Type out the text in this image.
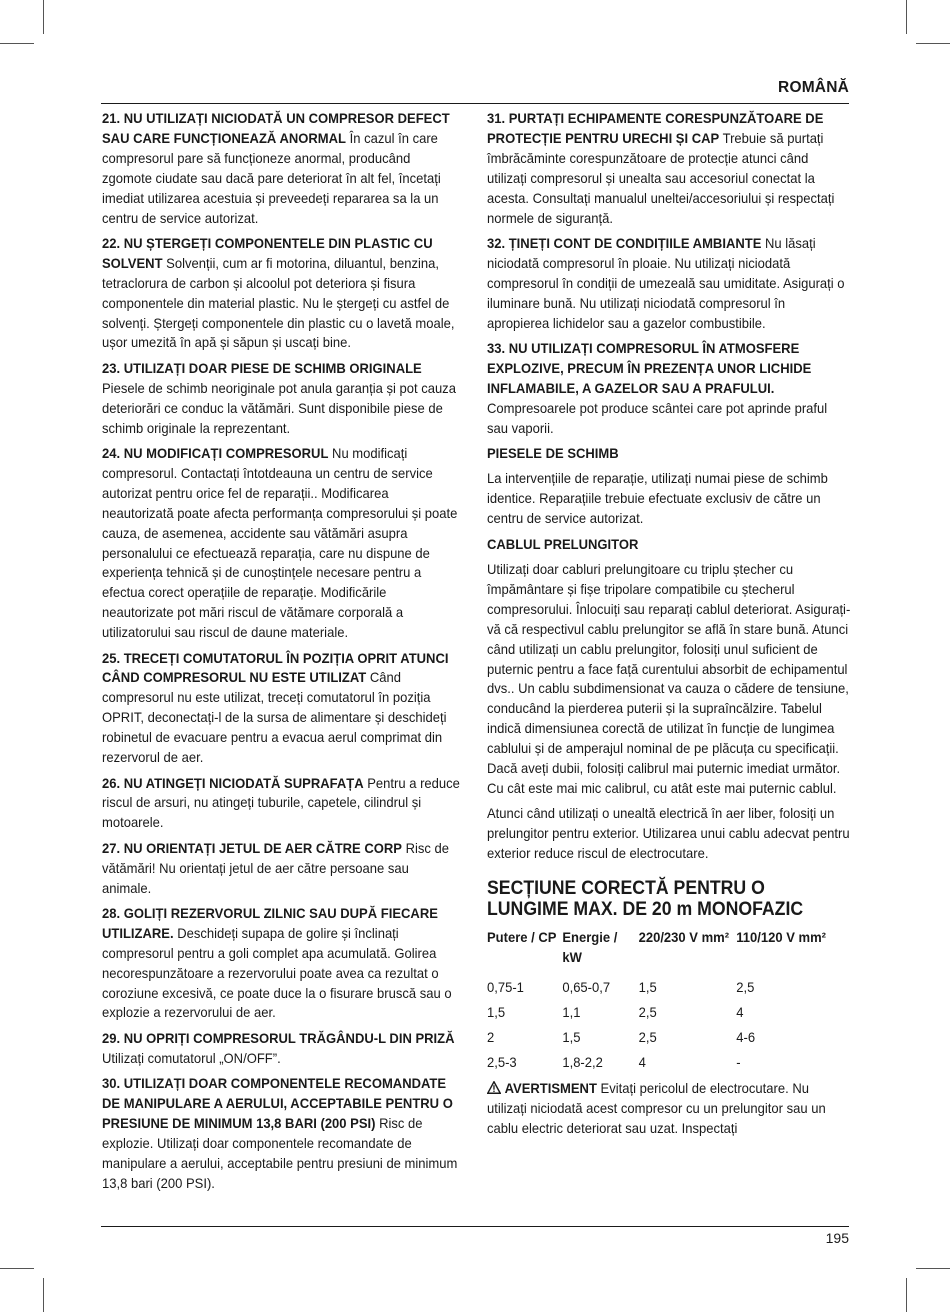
ROMÂNĂ

21. NU UTILIZAȚI NICIODATĂ UN COMPRESOR DEFECT SAU CARE FUNCȚIONEAZĂ ANORMAL În cazul în care compresorul pare să funcționeze anormal, producând zgomote ciudate sau dacă pare deteriorat în alt fel, încetați imediat utilizarea acestuia și preveedeți repararea sa la un centru de service autorizat.

22. NU ȘTERGEȚI COMPONENTELE DIN PLASTIC CU SOLVENT Solvenții, cum ar fi motorina, diluantul, benzina, tetraclorura de carbon și alcoolul pot deteriora și fisura componentele din material plastic. Nu le ștergeți cu astfel de solvenți. Ștergeți componentele din plastic cu o lavetă moale, ușor umezită în apă și săpun și uscați bine.

23. UTILIZAȚI DOAR PIESE DE SCHIMB ORIGINALE Piesele de schimb neoriginale pot anula garanția și pot cauza deteriorări ce conduc la vătămări. Sunt disponibile piese de schimb originale la reprezentant.

24. NU MODIFICAȚI COMPRESORUL Nu modificați compresorul. Contactați întotdeauna un centru de service autorizat pentru orice fel de reparații.. Modificarea neautorizată poate afecta performanța compresorului și poate cauza, de asemenea, accidente sau vătămări asupra personalului ce efectuează reparația, care nu dispune de experiența tehnică și de cunoștințele necesare pentru a efectua corect operațiile de reparație. Modificările neautorizate pot mări riscul de vătămare corporală a utilizatorului sau riscul de daune materiale.

25. TRECEȚI COMUTATORUL ÎN POZIȚIA OPRIT ATUNCI CÂND COMPRESORUL NU ESTE UTILIZAT Când compresorul nu este utilizat, treceți comutatorul în poziția OPRIT, deconectați-l de la sursa de alimentare și deschideți robinetul de evacuare pentru a evacua aerul comprimat din rezervorul de aer.

26. NU ATINGEȚI NICIODATĂ SUPRAFAȚA Pentru a reduce riscul de arsuri, nu atingeți tuburile, capetele, cilindrul și motoarele.

27. NU ORIENTAȚI JETUL DE AER CĂTRE CORP Risc de vătămări! Nu orientați jetul de aer către persoane sau animale.

28. GOLIȚI REZERVORUL ZILNIC SAU DUPĂ FIECARE UTILIZARE. Deschideți supapa de golire și înclinați compresorul pentru a goli complet apa acumulată. Golirea necorespunzătoare a rezervorului poate avea ca rezultat o coroziune excesivă, ce poate duce la o fisurare bruscă sau o explozie a rezervorului de aer.

29. NU OPRIȚI COMPRESORUL TRĂGÂNDU-L DIN PRIZĂ Utilizați comutatorul „ON/OFF”.

30. UTILIZAȚI DOAR COMPONENTELE RECOMANDATE DE MANIPULARE A AERULUI, ACCEPTABILE PENTRU O PRESIUNE DE MINIMUM 13,8 BARI (200 PSI) Risc de explozie. Utilizați doar componentele recomandate de manipulare a aerului, acceptabile pentru presiuni de minimum 13,8 bari (200 PSI).

31. PURTAȚI ECHIPAMENTE CORESPUNZĂTOARE DE PROTECȚIE PENTRU URECHI ȘI CAP Trebuie să purtați îmbrăcăminte corespunzătoare de protecție atunci când utilizați compresorul și unealta sau accesoriul conectat la acesta. Consultați manualul uneltei/accesoriului și respectați normele de siguranță.

32. ȚINEȚI CONT DE CONDIȚIILE AMBIANTE Nu lăsați niciodată compresorul în ploaie. Nu utilizați niciodată compresorul în condiții de umezeală sau umiditate. Asigurați o iluminare bună. Nu utilizați niciodată compresorul în apropierea lichidelor sau a gazelor combustibile.

33. NU UTILIZAȚI COMPRESORUL ÎN ATMOSFERE EXPLOZIVE, PRECUM ÎN PREZENȚA UNOR LICHIDE INFLAMABILE, A GAZELOR SAU A PRAFULUI. Compresoarele pot produce scântei care pot aprinde praful sau vaporii.

PIESELE DE SCHIMB

La intervențiile de reparație, utilizați numai piese de schimb identice. Reparațiile trebuie efectuate exclusiv de către un centru de service autorizat.

CABLUL PRELUNGITOR

Utilizați doar cabluri prelungitoare cu triplu ștecher cu împământare și fișe tripolare compatibile cu ștecherul compresorului. Înlocuiți sau reparați cablul deteriorat. Asigurați-vă că respectivul cablu prelungitor se află în stare bună. Atunci când utilizați un cablu prelungitor, folosiți unul suficient de puternic pentru a face față curentului absorbit de echipamentul dvs.. Un cablu subdimensionat va cauza o cădere de tensiune, conducând la pierderea puterii și la supraîncălzire. Tabelul indică dimensiunea corectă de utilizat în funcție de lungimea cablului și de amperajul nominal de pe plăcuța cu specificații. Dacă aveți dubii, folosiți calibrul mai puternic imediat următor. Cu cât este mai mic calibrul, cu atât este mai puternic cablul.

Atunci când utilizați o unealtă electrică în aer liber, folosiți un prelungitor pentru exterior. Utilizarea unui cablu adecvat pentru exterior reduce riscul de electrocutare.

SECȚIUNE CORECTĂ PENTRU O LUNGIME MAX. DE 20 m MONOFAZIC
Putere / CP	Energie / kW	220/230 V mm²	110/120 V mm²
0,75-1	0,65-0,7	1,5	2,5
1,5	1,1	2,5	4
2	1,5	2,5	4-6
2,5-3	1,8-2,2	4	-

AVERTISMENT Evitați pericolul de electrocutare. Nu utilizați niciodată acest compresor cu un prelungitor sau un cablu electric deteriorat sau uzat. Inspectați

195
